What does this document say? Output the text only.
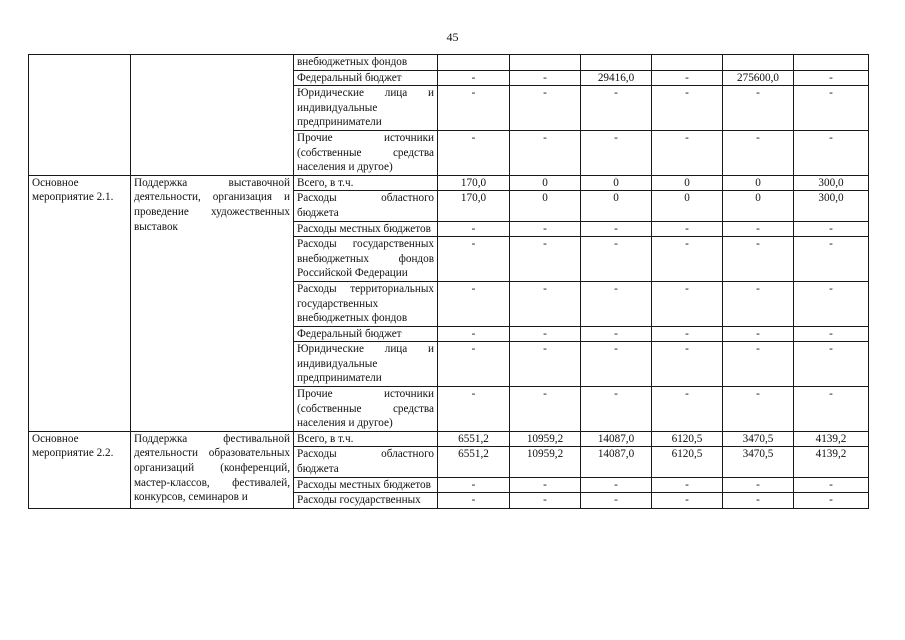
45
		внебюджетных фондов						
		Федеральный бюджет	-	-	29416,0	-	275600,0	-
		Юридические лица и индивидуальные предприниматели	-	-	-	-	-	-
		Прочие источники (собственные средства населения и другое)	-	-	-	-	-	-
Основное мероприятие 2.1.	Поддержка выставочной деятельности, организация и проведение художественных выставок	Всего, в т.ч.	170,0	0	0	0	0	300,0
		Расходы областного бюджета	170,0	0	0	0	0	300,0
		Расходы местных бюджетов	-	-	-	-	-	-
		Расходы государственных внебюджетных фондов Российской Федерации	-	-	-	-	-	-
		Расходы территориальных государственных внебюджетных фондов	-	-	-	-	-	-
		Федеральный бюджет	-	-	-	-	-	-
		Юридические лица и индивидуальные предприниматели	-	-	-	-	-	-
		Прочие источники (собственные средства населения и другое)	-	-	-	-	-	-
Основное мероприятие 2.2.	Поддержка фестивальной деятельности образовательных организаций (конференций, мастер-классов, фестивалей, конкурсов, семинаров и	Всего, в т.ч.	6551,2	10959,2	14087,0	6120,5	3470,5	4139,2
		Расходы областного бюджета	6551,2	10959,2	14087,0	6120,5	3470,5	4139,2
		Расходы местных бюджетов	-	-	-	-	-	-
		Расходы государственных	-	-	-	-	-	-
